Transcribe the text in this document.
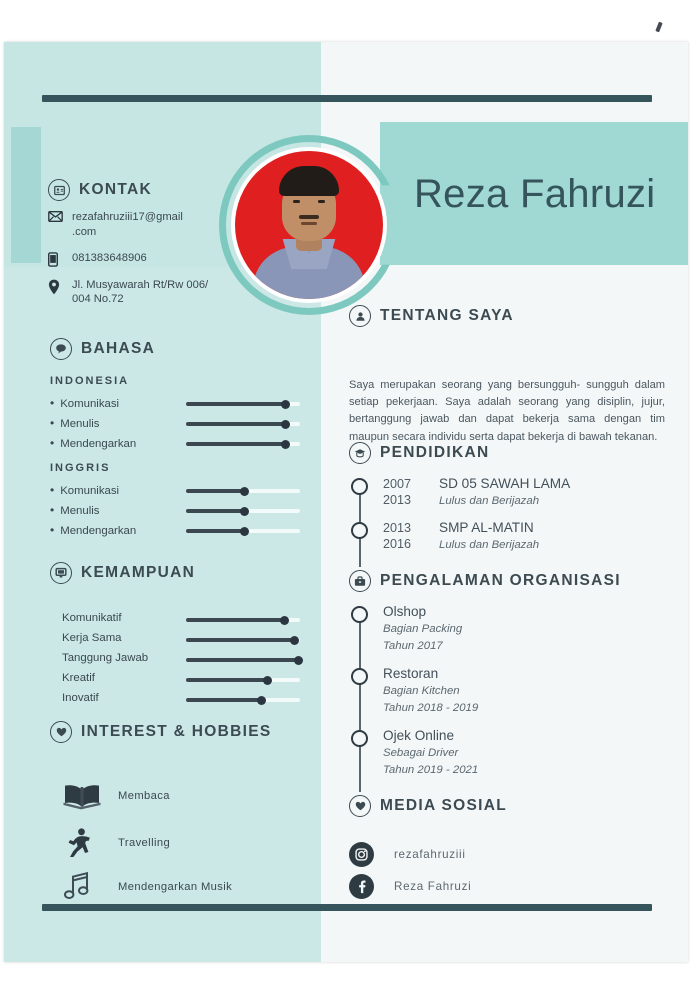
Reza Fahruzi
KONTAK
rezafahruziii17@gmail
.com
081383648906
Jl. Musyawarah Rt/Rw 006/
004 No.72
BAHASA
INDONESIA
• Komunikasi
• Menulis
• Mendengarkan
INGGRIS
• Komunikasi
• Menulis
• Mendengarkan
KEMAMPUAN
Komunikatif
Kerja Sama
Tanggung Jawab
Kreatif
Inovatif
INTEREST & HOBBIES
Membaca
Travelling
Mendengarkan Musik
TENTANG SAYA
Saya merupakan seorang yang bersungguh- sungguh dalam setiap pekerjaan. Saya adalah seorang yang disiplin, jujur, bertanggung jawab dan dapat bekerja sama dengan tim maupun secara individu serta dapat bekerja di bawah tekanan.
PENDIDIKAN
2007
2013
SD 05 SAWAH LAMA
Lulus dan Berijazah
2013
2016
SMP AL-MATIN
Lulus dan Berijazah
PENGALAMAN ORGANISASI
Olshop
Bagian Packing
Tahun 2017
Restoran
Bagian Kitchen
Tahun 2018 - 2019
Ojek Online
Sebagai Driver
Tahun 2019 - 2021
MEDIA SOSIAL
rezafahruziii
Reza Fahruzi
